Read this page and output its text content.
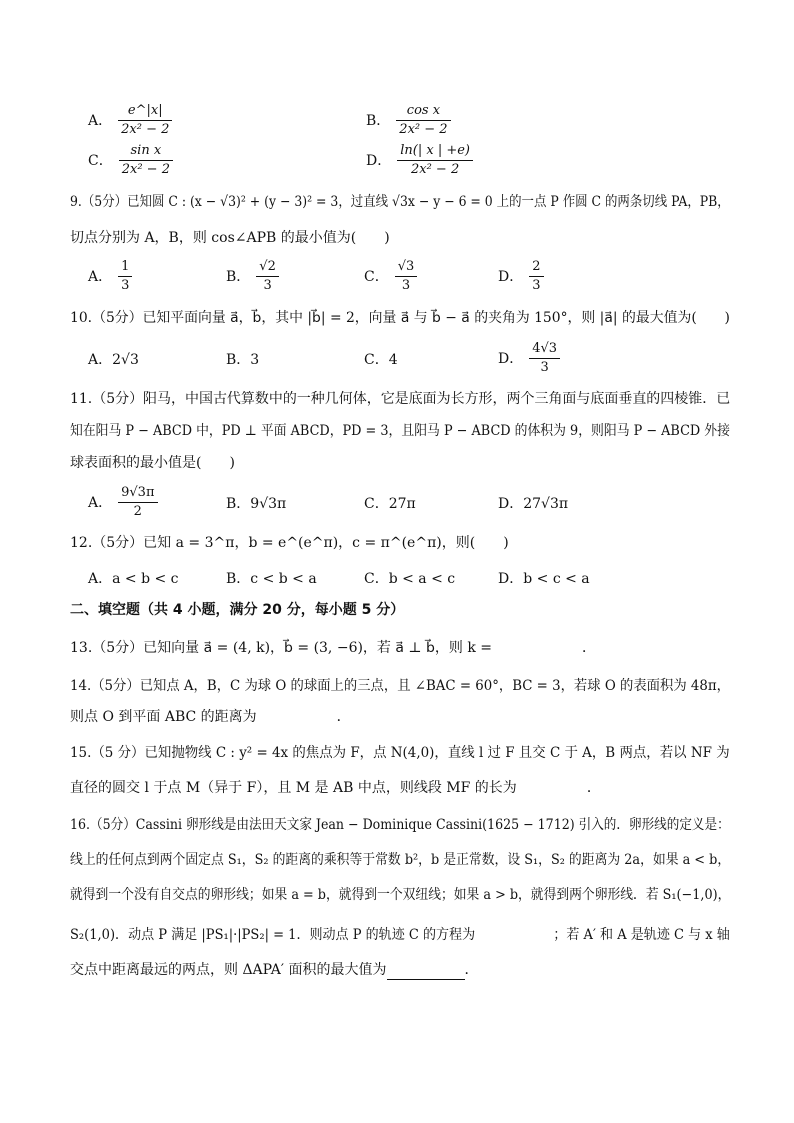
A． $\frac{e\^{}|x|}{\text{2x² − 2}}$	B． $\frac{\text{cos x}}{\text{2x² − 2}}$
C． $\frac{\text{sin x}}{\text{2x² − 2}}$	D． $\frac{\ln(| x | +e)}{\text{2x² − 2}}$
9.（5分）已知圆 C : (x − √3)² + (y − 3)² = 3，过直线 √3x − y − 6 = 0 上的一点 P 作圆 C 的两条切线 PA，PB，
切点分别为 A，B，则 cos∠APB 的最小值为(　　)
A． $\frac{1}{3}$	B． $\frac{√2}{3}$	C． $\frac{√3}{3}$	D． $\frac{2}{3}$
10.（5分）已知平面向量 a⃗，b⃗，其中 |b⃗| = 2，向量 a⃗ 与 b⃗ − a⃗ 的夹角为 150°，则 |a⃗| 的最大值为(　　)
A．2√3	B．3	C．4	D． $\frac{4√3}{3}$
11.（5分）阳马，中国古代算数中的一种几何体，它是底面为长方形，两个三角面与底面垂直的四棱锥．已
知在阳马 P − ABCD 中，PD ⊥ 平面 ABCD，PD = 3，且阳马 P − ABCD 的体积为 9，则阳马 P − ABCD 外接
球表面积的最小值是(　　)
A． $\frac{9√3\pi}{2}$	B．9√3π	C．27π	D．27√3π
12.（5分）已知 a = 3^π，b = e^(e^π)，c = π^(e^π)，则(　　)
A．a < b < c	B．c < b < a	C．b < a < c	D．b < c < a
二、填空题（共 4 小题，满分 20 分，每小题 5 分）
13.（5分）已知向量 a⃗ = (4, k)，b⃗ = (3, −6)，若 a⃗ ⊥ b⃗，则 k =	．
14.（5分）已知点 A，B，C 为球 O 的球面上的三点，且 ∠BAC = 60°，BC = 3，若球 O 的表面积为 48π，
则点 O 到平面 ABC 的距离为	．
15.（5 分）已知抛物线 C : y² = 4x 的焦点为 F，点 N(4,0)，直线 l 过 F 且交 C 于 A，B 两点，若以 NF 为
直径的圆交 l 于点 M（异于 F），且 M 是 AB 中点，则线段 MF 的长为	．
16.（5分）Cassini 卵形线是由法田天文家 Jean − Dominique Cassini(1625 − 1712) 引入的．卵形线的定义是：
线上的任何点到两个固定点 S₁，S₂ 的距离的乘积等于常数 b²，b 是正常数，设 S₁，S₂ 的距离为 2a，如果 a < b，
就得到一个没有自交点的卵形线；如果 a = b，就得到一个双纽线；如果 a > b，就得到两个卵形线．若 S₁(−1,0)，
S₂(1,0)．动点 P 满足 |PS₁|·|PS₂| = 1．则动点 P 的轨迹 C 的方程为　　　　　　；若 A′ 和 A 是轨迹 C 与 x 轴
交点中距离最远的两点，则 ΔAPA′ 面积的最大值为	．
